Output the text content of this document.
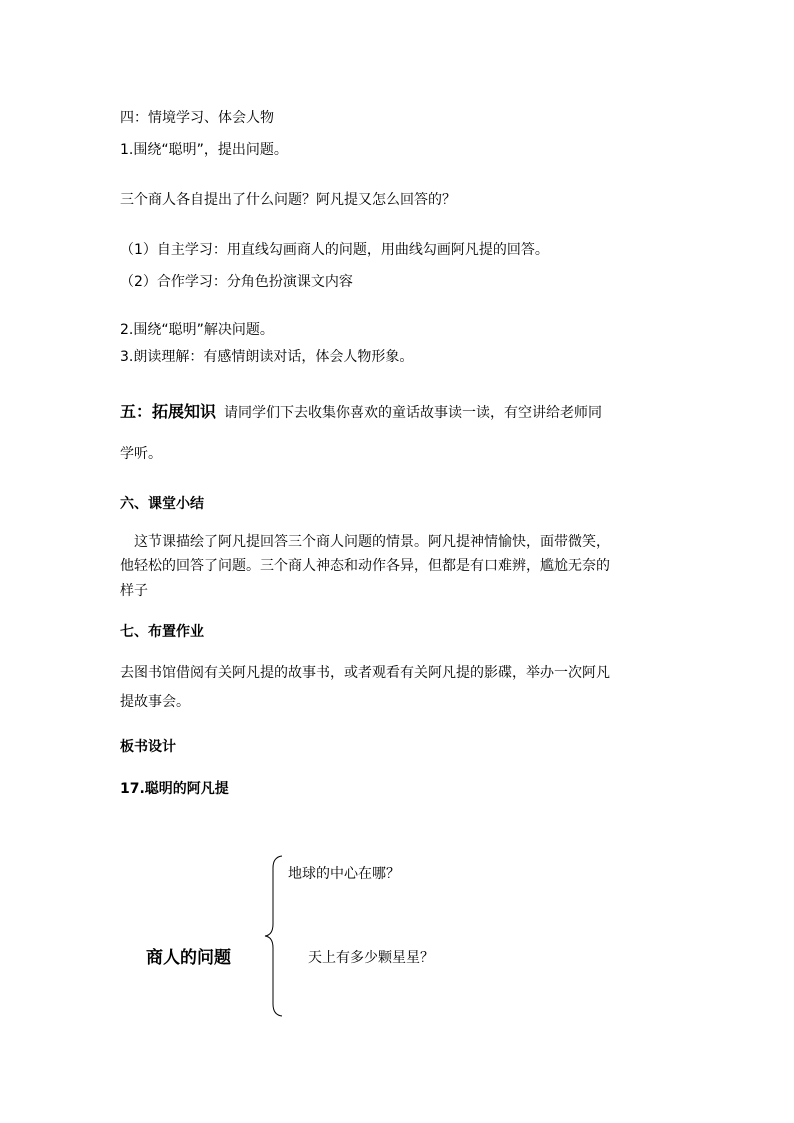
四：情境学习、体会人物
1.围绕“聪明”，提出问题。
三个商人各自提出了什么问题？阿凡提又怎么回答的？
（1）自主学习：用直线勾画商人的问题，用曲线勾画阿凡提的回答。
（2）合作学习：分角色扮演课文内容
2.围绕“聪明”解决问题。
3.朗读理解：有感情朗读对话，体会人物形象。
五：拓展知识 请同学们下去收集你喜欢的童话故事读一读，有空讲给老师同
学听。
六、课堂小结
这节课描绘了阿凡提回答三个商人问题的情景。阿凡提神情愉快，面带微笑，
他轻松的回答了问题。三个商人神态和动作各异，但都是有口难辨，尴尬无奈的
样子
七、布置作业
去图书馆借阅有关阿凡提的故事书，或者观看有关阿凡提的影碟，举办一次阿凡
提故事会。
板书设计
17.聪明的阿凡提
地球的中心在哪？
商人的问题	天上有多少颗星星？
